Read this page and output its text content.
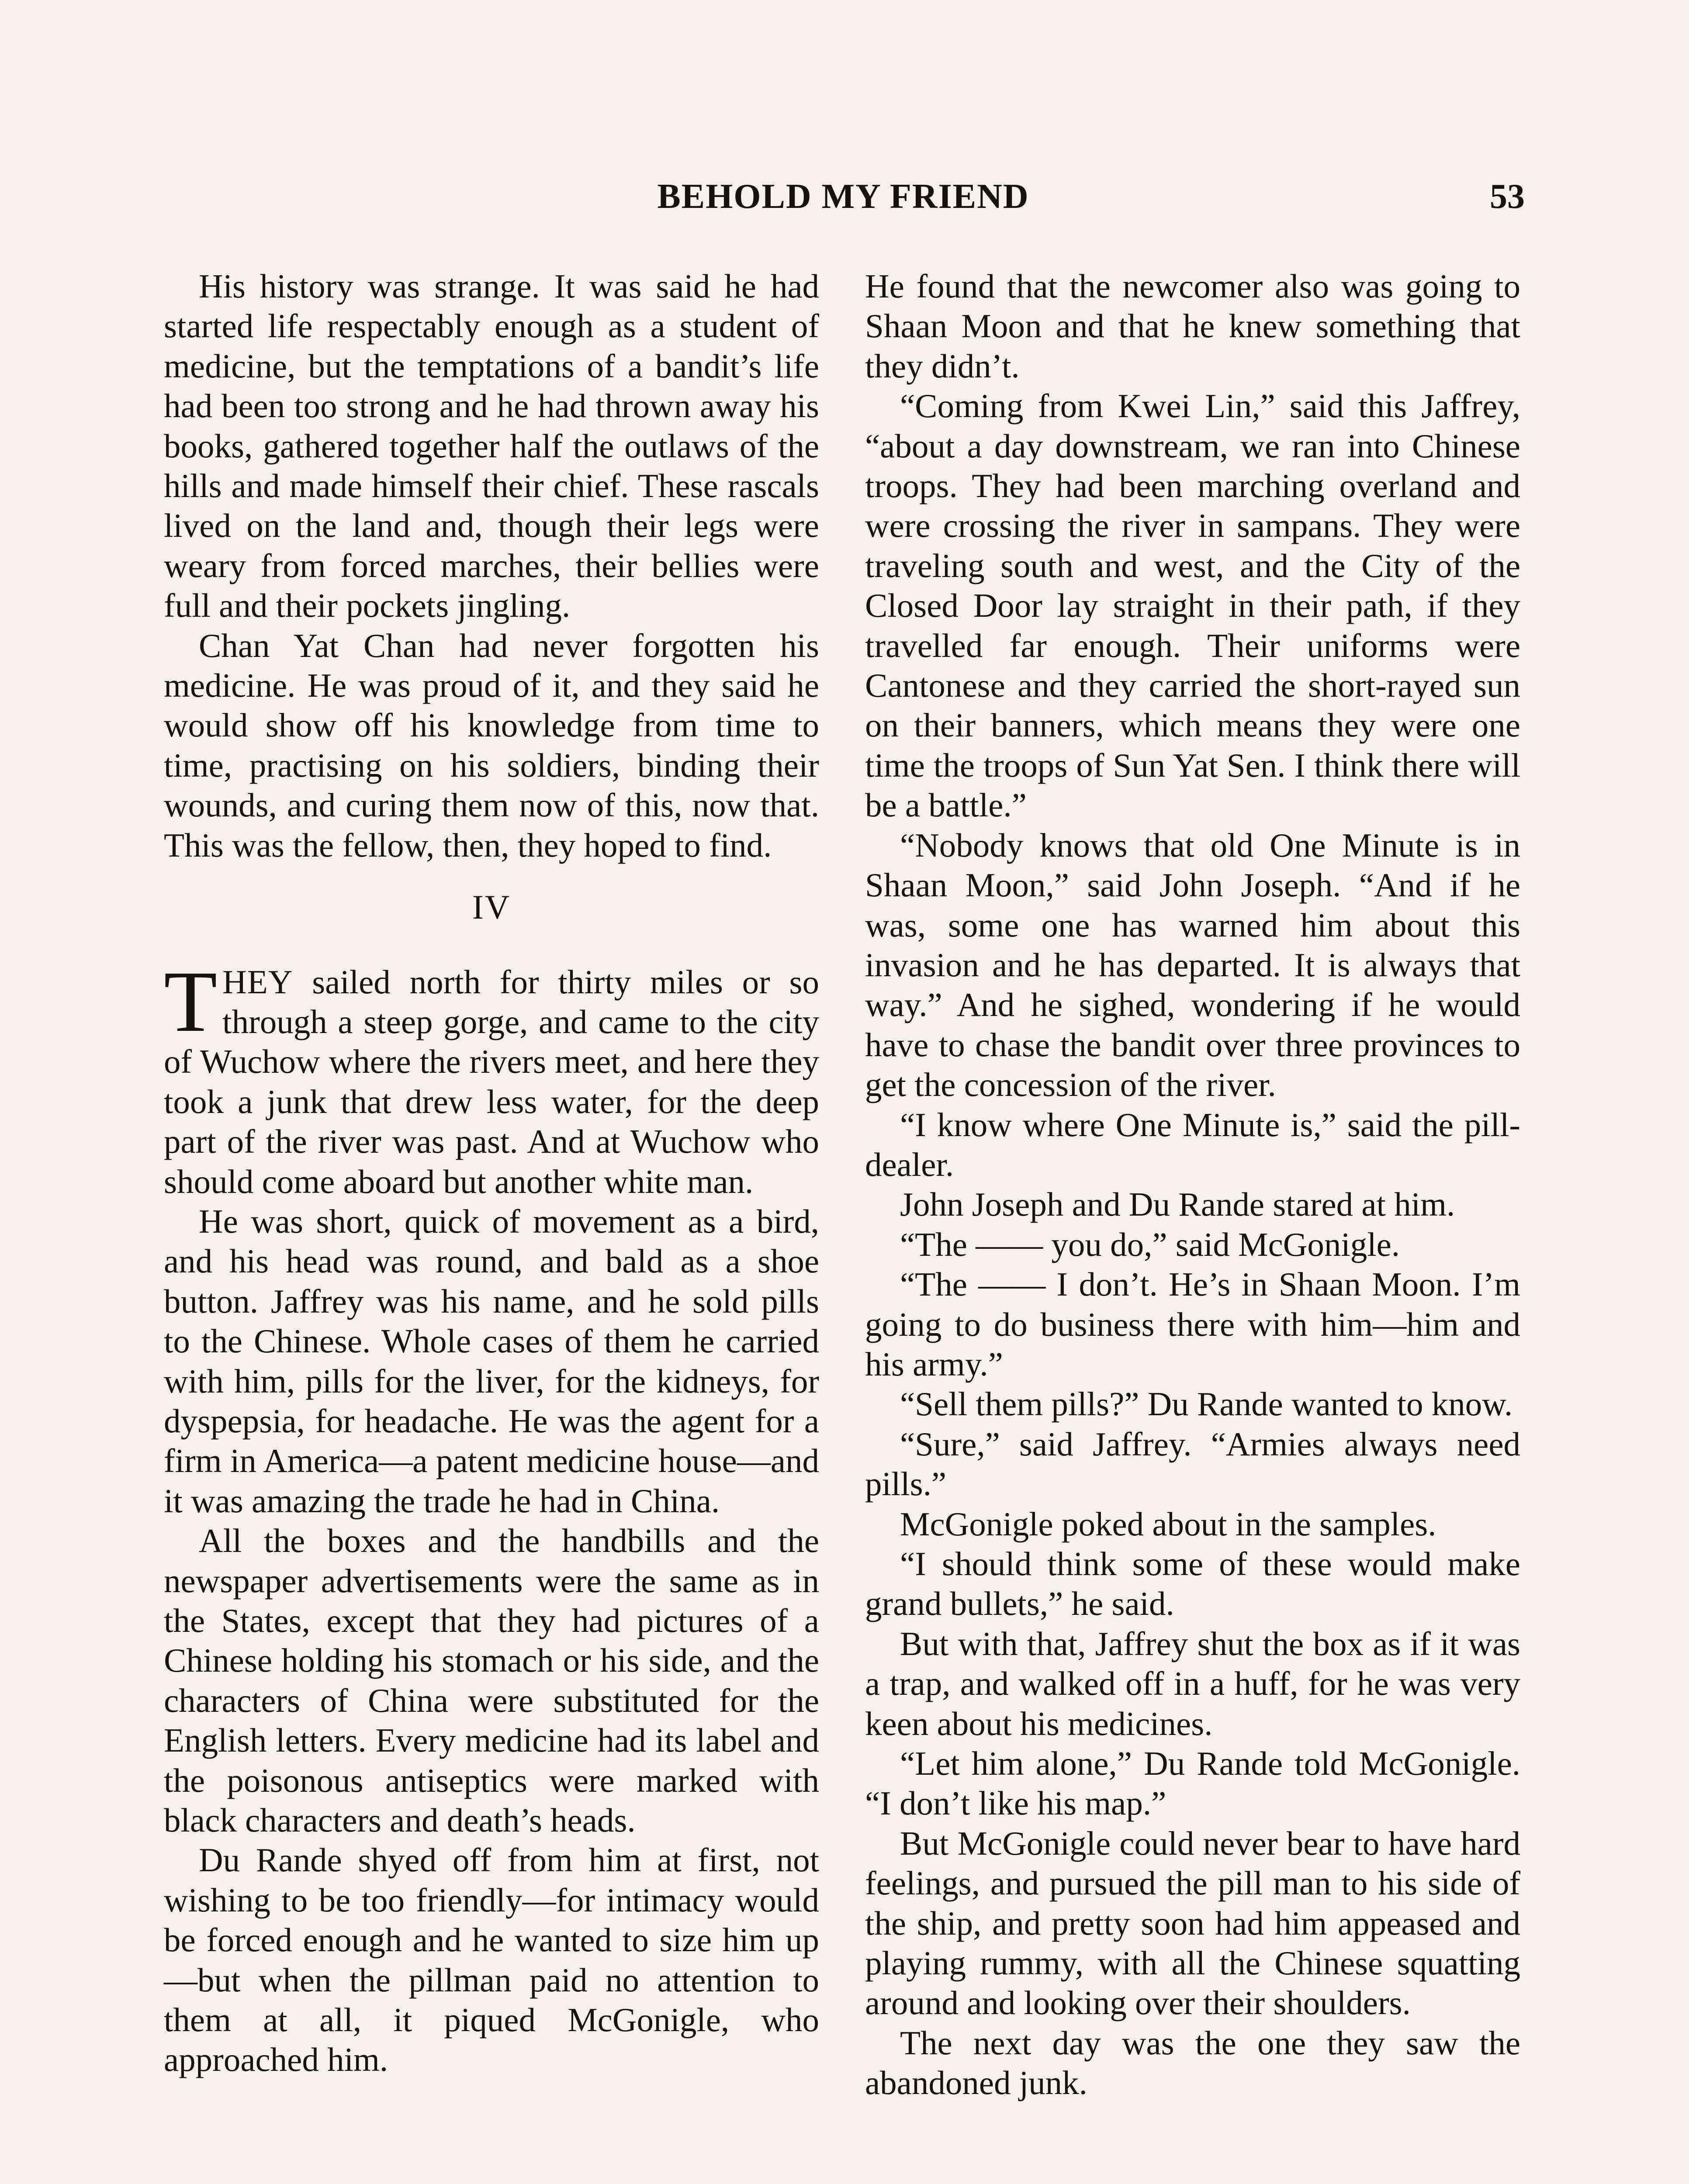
BEHOLD MY FRIEND	53

His history was strange. It was said he had started life respectably enough as a student of medicine, but the temptations of a bandit’s life had been too strong and he had thrown away his books, gathered together half the outlaws of the hills and made himself their chief. These rascals lived on the land and, though their legs were weary from forced marches, their bellies were full and their pockets jingling.

Chan Yat Chan had never forgotten his medicine. He was proud of it, and they said he would show off his knowledge from time to time, practising on his soldiers, binding their wounds, and curing them now of this, now that. This was the fellow, then, they hoped to find.

IV

THEY sailed north for thirty miles or so through a steep gorge, and came to the city of Wuchow where the rivers meet, and here they took a junk that drew less water, for the deep part of the river was past. And at Wuchow who should come aboard but another white man.

He was short, quick of movement as a bird, and his head was round, and bald as a shoe button. Jaffrey was his name, and he sold pills to the Chinese. Whole cases of them he carried with him, pills for the liver, for the kidneys, for dyspepsia, for headache. He was the agent for a firm in America—a patent medicine house—and it was amazing the trade he had in China.

All the boxes and the handbills and the newspaper advertisements were the same as in the States, except that they had pictures of a Chinese holding his stomach or his side, and the characters of China were substituted for the English letters. Every medicine had its label and the poisonous antiseptics were marked with black characters and death’s heads.

Du Rande shyed off from him at first, not wishing to be too friendly—for intimacy would be forced enough and he wanted to size him up—but when the pillman paid no attention to them at all, it piqued McGonigle, who approached him.

He found that the newcomer also was going to Shaan Moon and that he knew something that they didn’t.

“Coming from Kwei Lin,” said this Jaffrey, “about a day downstream, we ran into Chinese troops. They had been marching overland and were crossing the river in sampans. They were traveling south and west, and the City of the Closed Door lay straight in their path, if they travelled far enough. Their uniforms were Cantonese and they carried the short-rayed sun on their banners, which means they were one time the troops of Sun Yat Sen. I think there will be a battle.”

“Nobody knows that old One Minute is in Shaan Moon,” said John Joseph. “And if he was, some one has warned him about this invasion and he has departed. It is always that way.” And he sighed, wondering if he would have to chase the bandit over three provinces to get the concession of the river.

“I know where One Minute is,” said the pill-dealer.

John Joseph and Du Rande stared at him.

“The —— you do,” said McGonigle.

“The —— I don’t. He’s in Shaan Moon. I’m going to do business there with him—him and his army.”

“Sell them pills?” Du Rande wanted to know.

“Sure,” said Jaffrey. “Armies always need pills.”

McGonigle poked about in the samples.

“I should think some of these would make grand bullets,” he said.

But with that, Jaffrey shut the box as if it was a trap, and walked off in a huff, for he was very keen about his medicines.

“Let him alone,” Du Rande told McGonigle. “I don’t like his map.”

But McGonigle could never bear to have hard feelings, and pursued the pill man to his side of the ship, and pretty soon had him appeased and playing rummy, with all the Chinese squatting around and looking over their shoulders.

The next day was the one they saw the abandoned junk.
